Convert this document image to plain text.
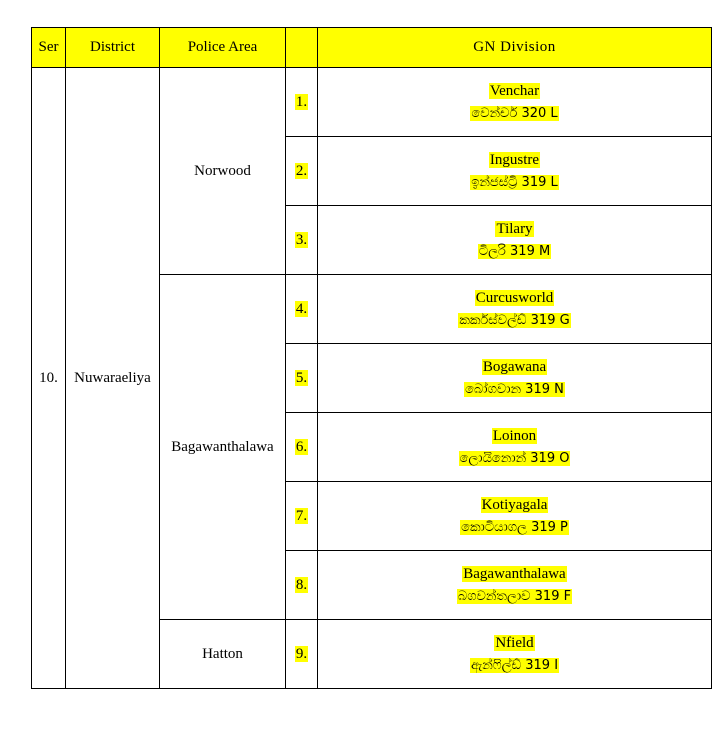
Ser	District	Police Area		GN Division
10.	Nuwaraeliya	Norwood	1.	Venchar
වෙන්චර් 320 L

			2.	Ingustre
ඉන්ජස්ට්‍රි 319 L

			3.	Tilary
ටිලරි 319 M

		Bagawanthalawa	4.	Curcusworld
කර්කස්වල්ඩ් 319 G

			5.	Bogawana
බෝගවාන 319 N

			6.	Loinon
ලොයිනොන් 319 O

			7.	Kotiyagala
කොටියාගල 319 P

			8.	Bagawanthalawa
බගවන්තලාව 319 F

		Hatton	9.	Nfield
ඇන්ෆිල්ඩ් 319 I
